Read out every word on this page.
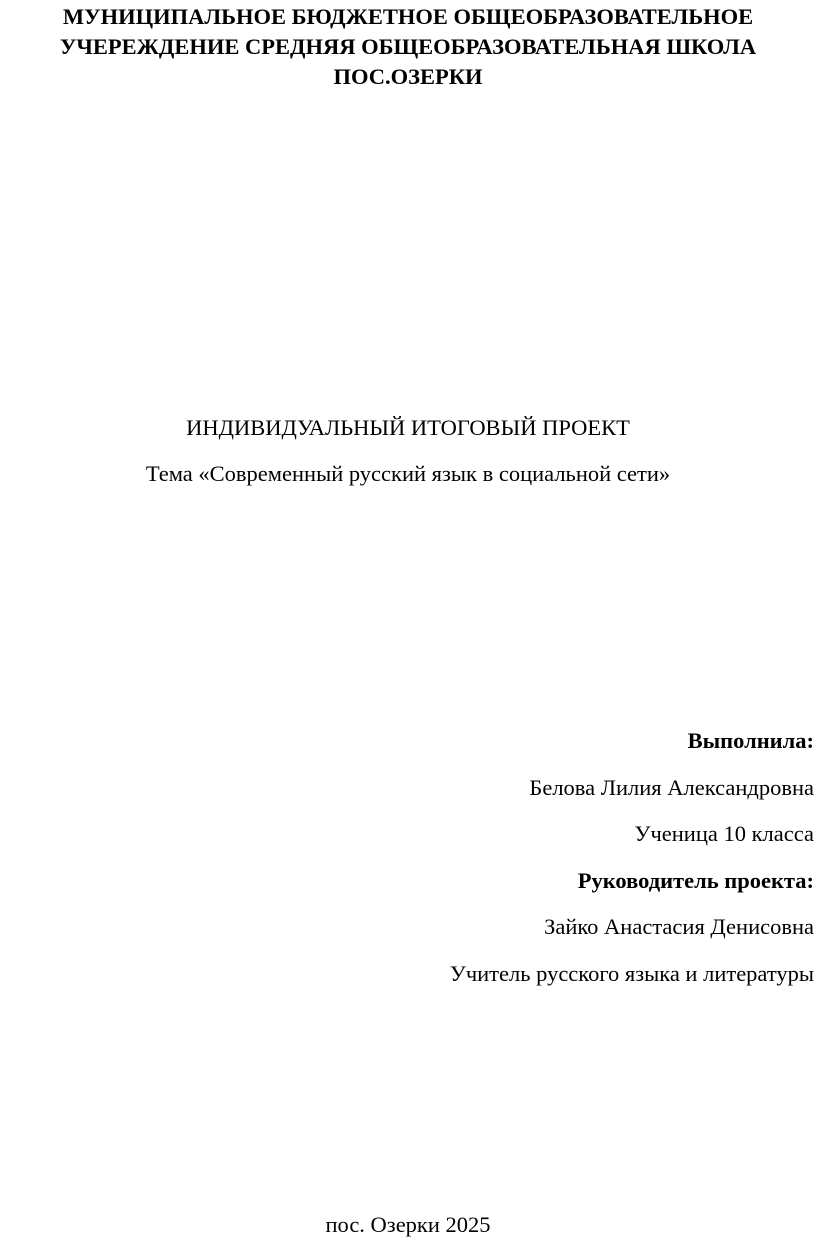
МУНИЦИПАЛЬНОЕ БЮДЖЕТНОЕ ОБЩЕОБРАЗОВАТЕЛЬНОЕ
УЧЕРЕЖДЕНИЕ СРЕДНЯЯ ОБЩЕОБРАЗОВАТЕЛЬНАЯ ШКОЛА
ПОС.ОЗЕРКИ
ИНДИВИДУАЛЬНЫЙ ИТОГОВЫЙ ПРОЕКТ
Тема «Современный русский язык в социальной сети»
Выполнила:
Белова Лилия Александровна
Ученица 10 класса
Руководитель проекта:
Зайко Анастасия Денисовна
Учитель русского языка и литературы
пос. Озерки 2025
